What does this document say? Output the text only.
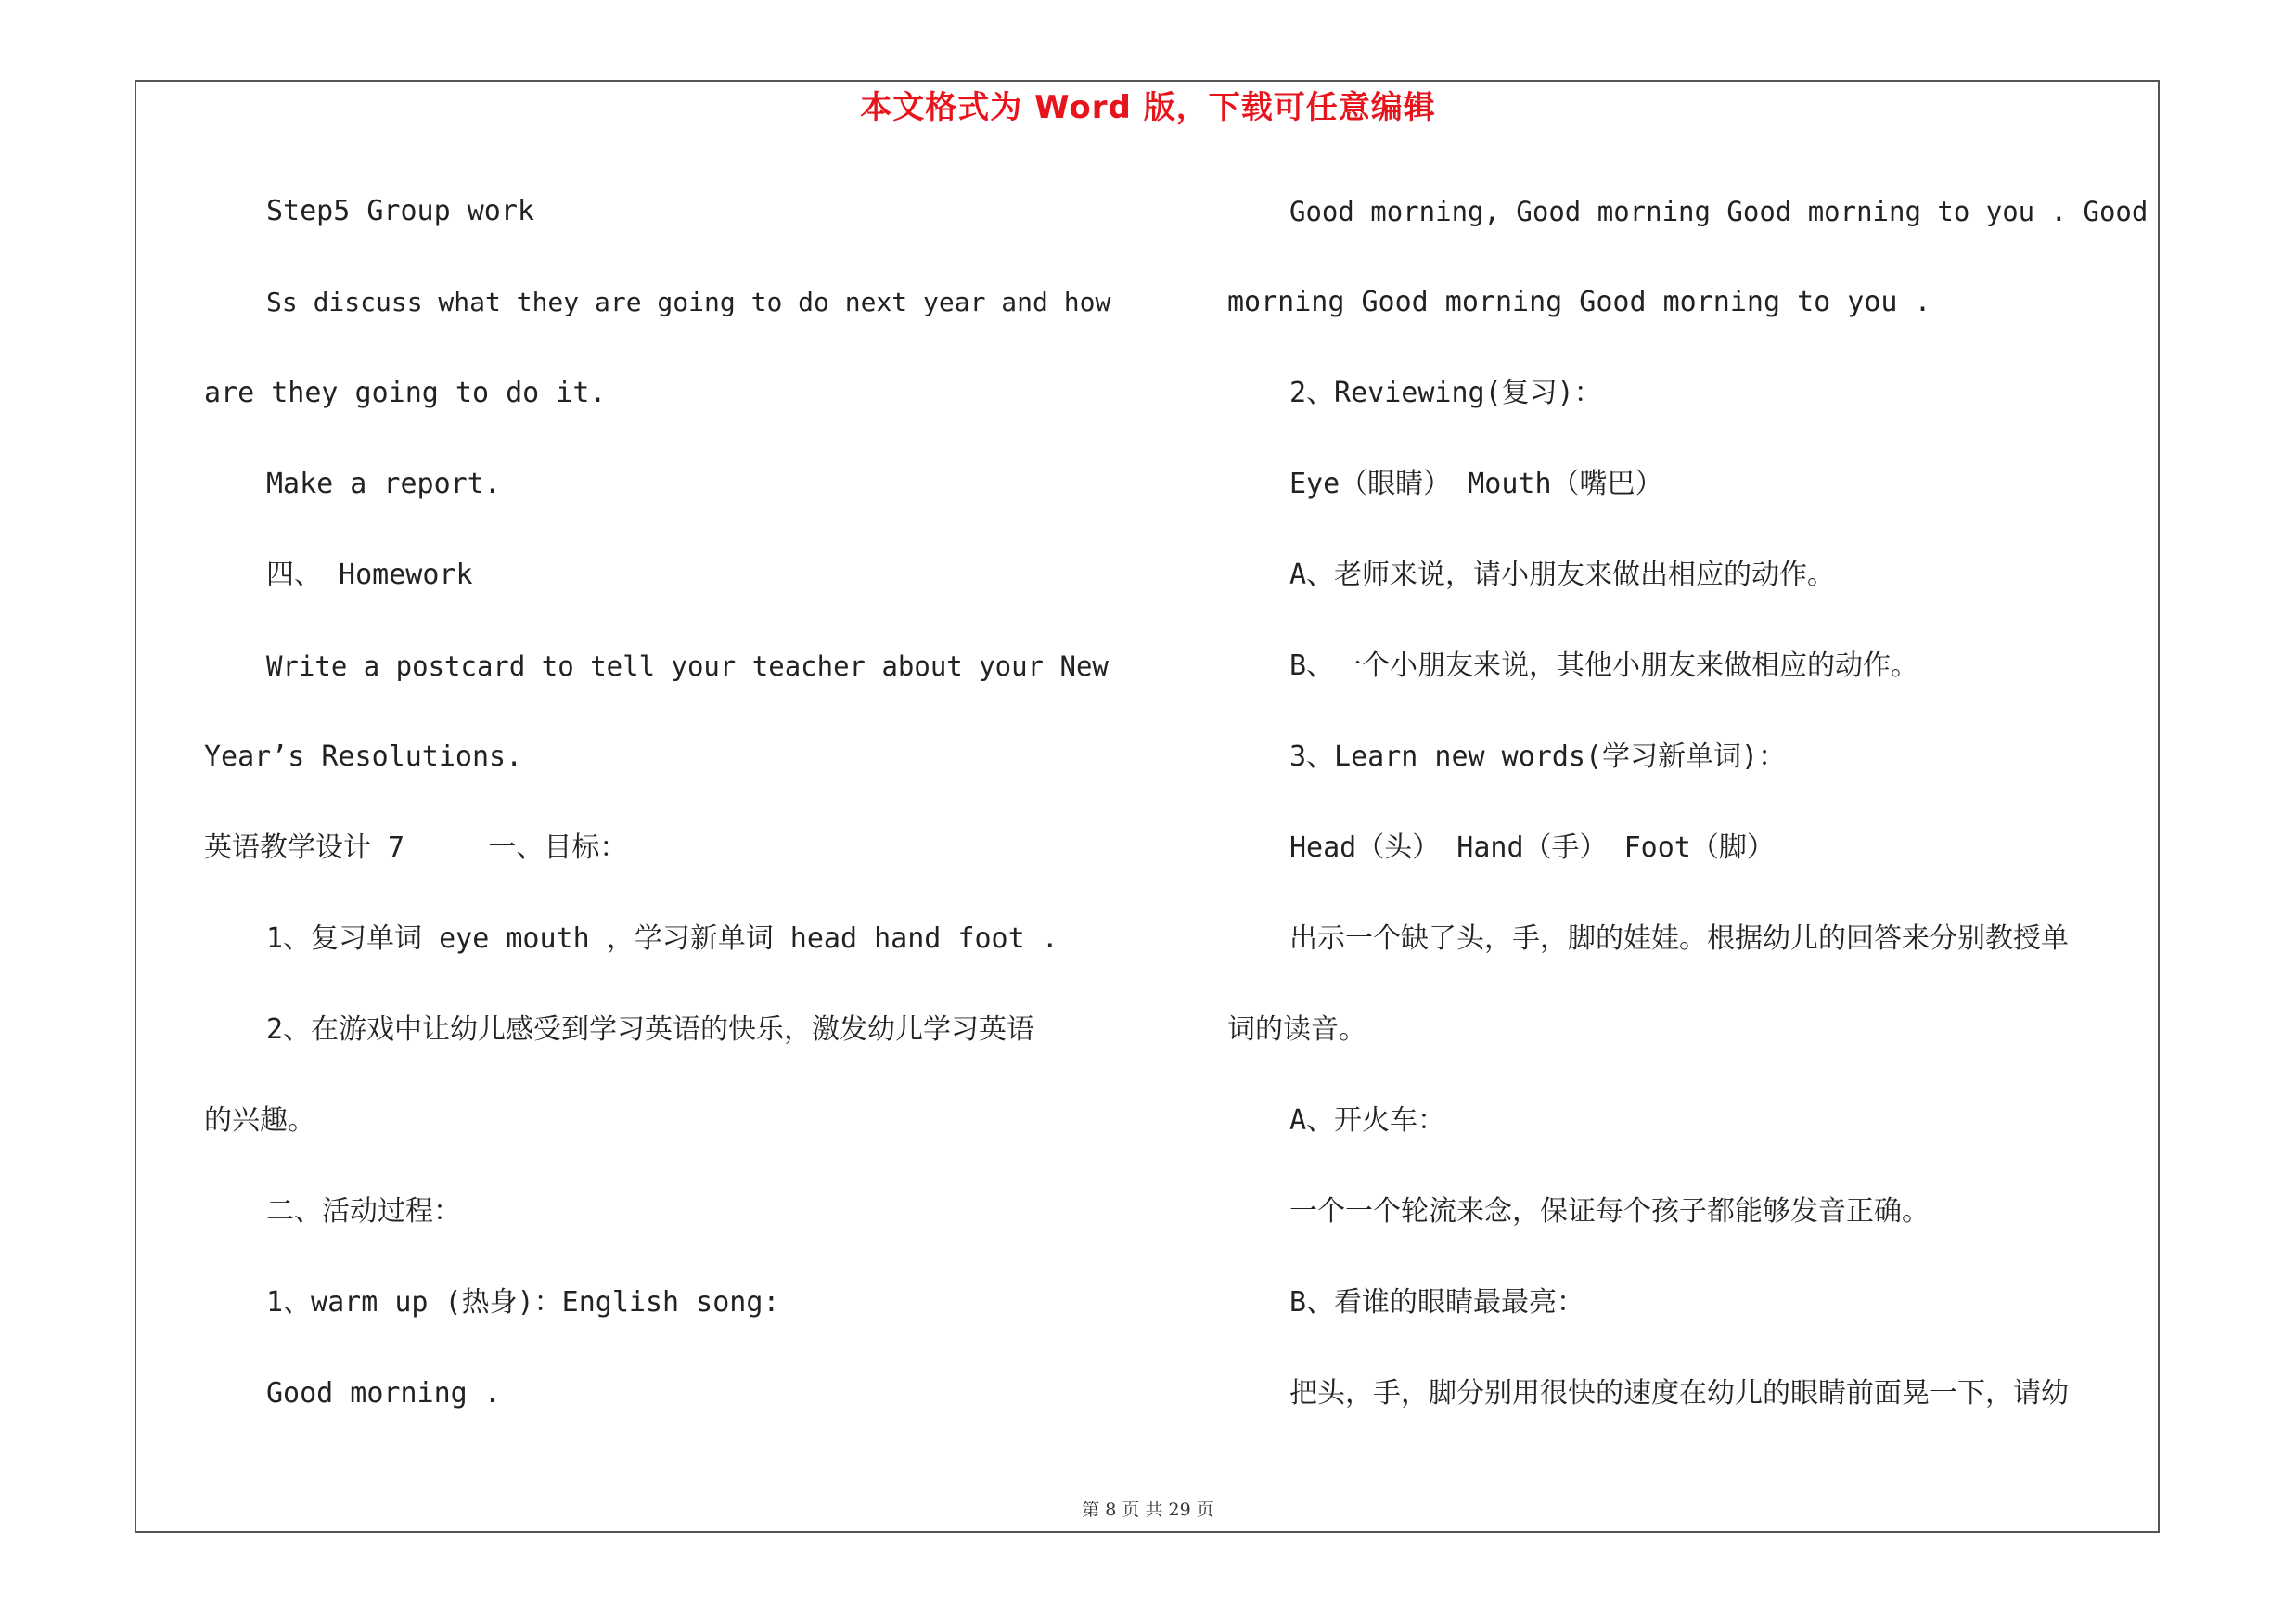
本文格式为 Word 版，下载可任意编辑
Step5 Group work
Ss discuss what they are going to do next year and how
are they going to do it.
Make a report.
四、 Homework
Write a postcard to tell your teacher about your New
Year’s Resolutions.
英语教学设计 7     一、目标：
1、复习单词 eye mouth ，学习新单词 head hand foot .
2、在游戏中让幼儿感受到学习英语的快乐，激发幼儿学习英语
的兴趣。
二、活动过程：
1、warm up (热身)：English song:
Good morning .
Good morning, Good morning Good morning to you . Good
morning Good morning Good morning to you .
2、Reviewing(复习)：
Eye（眼睛） Mouth（嘴巴）
A、老师来说，请小朋友来做出相应的动作。
B、一个小朋友来说，其他小朋友来做相应的动作。
3、Learn new words(学习新单词)：
Head（头） Hand（手） Foot（脚）
出示一个缺了头，手，脚的娃娃。根据幼儿的回答来分别教授单
词的读音。
A、开火车：
一个一个轮流来念，保证每个孩子都能够发音正确。
B、看谁的眼睛最最亮：
把头，手，脚分别用很快的速度在幼儿的眼睛前面晃一下，请幼
第 8 页 共 29 页
